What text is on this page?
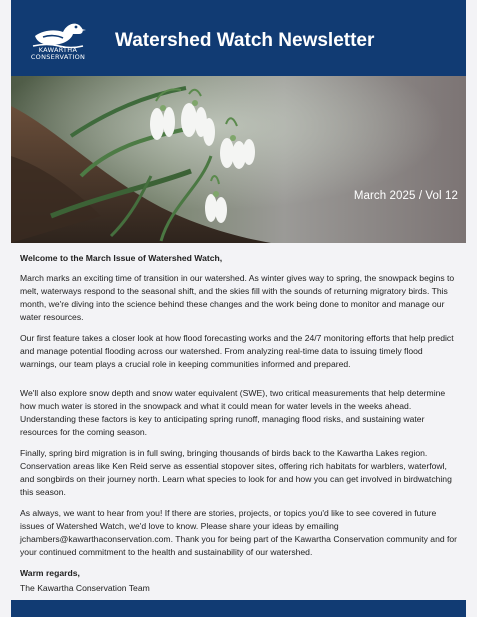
KAWARTHA
CONSERVATION
Watershed Watch Newsletter
March 2025 / Vol 12

Welcome to the March Issue of Watershed Watch,

March marks an exciting time of transition in our watershed. As winter gives way to spring, the snowpack begins to melt, waterways respond to the seasonal shift, and the skies fill with the sounds of returning migratory birds. This month, we're diving into the science behind these changes and the work being done to monitor and manage our water resources.

Our first feature takes a closer look at how flood forecasting works and the 24/7 monitoring efforts that help predict and manage potential flooding across our watershed. From analyzing real-time data to issuing timely flood warnings, our team plays a crucial role in keeping communities informed and prepared.

We'll also explore snow depth and snow water equivalent (SWE), two critical measurements that help determine how much water is stored in the snowpack and what it could mean for water levels in the weeks ahead. Understanding these factors is key to anticipating spring runoff, managing flood risks, and sustaining water resources for the coming season.

Finally, spring bird migration is in full swing, bringing thousands of birds back to the Kawartha Lakes region. Conservation areas like Ken Reid serve as essential stopover sites, offering rich habitats for warblers, waterfowl, and songbirds on their journey north. Learn what species to look for and how you can get involved in birdwatching this season.

As always, we want to hear from you! If there are stories, projects, or topics you'd like to see covered in future issues of Watershed Watch, we'd love to know. Please share your ideas by emailing jchambers@kawarthaconservation.com. Thank you for being part of the Kawartha Conservation community and for your continued commitment to the health and sustainability of our watershed.

Warm regards,

The Kawartha Conservation Team
